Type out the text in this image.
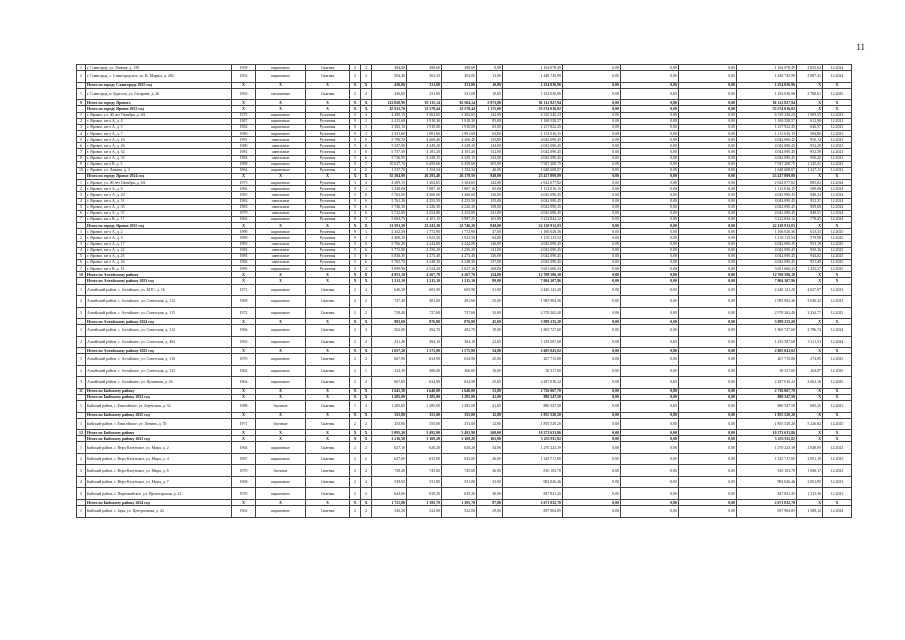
11
1	г. Славгород, ул. Ленина, д. 139	1958	кирпичные	Скатная	2	2	384,40	288,60	288,60	9,00	1 104 078,49	0,00	0,00	0,00	1 104 078,49	3 825,64	12.2024
2	г. Славгород, с. Славгородское, ул. К. Маркса, д. 282	1952	кирпичные	Скатная	2	2	504,40	363,33	363,00	13,00	1 448 745,99	0,00	0,00	0,00	1 448 745,99	3 987,41	12.2024
	Итого по городу Славгороду 2025 год	X	X	X	X	X	436,00	331,00	331,00	10,00	1 254 030,96	0,00	0,00	0,00	1 254 030,96	X	X
1	г. Славгород, п. Бурсоль, ул. Гагарина, д. 26	1963	смешанные	Скатная	2	2	436,00	331,00	331,00	10,00	1 254 030,96	0,00	0,00	0,00	1 254 030,96	3 788,61	12.2025
9	Итого по городу Ярового	X	X	X	X	X	112 828,90	83 115,14	82 504,14	2 973,00	81 112 827,94	0,00	0,00	0,00	81 112 827,94	X	X
	Итого по городу Яровое 2023 год	X	X	X	X	X	45 932,70	33 578,44	33 578,44	1 175,00	35 574 016,02	0,00	0,00	0,00	35 574 016,02	X	X
1	г. Яровое, ул. 40 лет Октября, д. 6А	1975	кирпичные	Рулонная	3	4	4 289,15	3 304,65	3 304,65	142,00	6 310 340,23	0,00	0,00	0,00	6 310 340,23	1 909,55	12.2023
2	г. Яровое, кв-л А, д. 4	1987	кирпичные	Рулонная	9	1	2 415,60	1 918,30	1 918,30	85,00	1 169 558,57	0,00	0,00	0,00	1 169 558,57	612,96	12.2023
3	г. Яровое, кв-л А, д. 5	1982	кирпичные	Рулонная	9	1	2 382,10	1 910,00	1 910,00	63,00	1 217 922,45	0,00	0,00	0,00	1 217 922,45	636,57	12.2023
4	г. Яровое, кв-л А, д. 7	1980	кирпичные	Рулонная	9	1	2 331,60	1 901,60	1 901,60	63,00	1 112 016,15	0,00	0,00	0,00	1 112 016,15	584,96	12.2023
5	г. Яровое, кв-л А, д. 16	1981	панельные	Рулонная	5	6	5 796,70	4 260,40	4 260,40	135,00	4 042 090,45	0,00	0,00	0,00	4 042 090,45	950,14	12.2023
6	г. Яровое, кв-л А, д. 26	1980	панельные	Рулонная	5	6	5 347,90	4 249,20	4 249,20	144,00	4 042 090,45	0,00	0,00	0,00	4 042 090,45	952,20	12.2023
7	г. Яровое, кв-л А, д. 32	1981	панельные	Рулонная	5	6	5 757,30	4 181,20	4 181,20	152,00	4 042 090,45	0,00	0,00	0,00	4 042 090,45	952,58	12.2023
8	г. Яровое, кв-л А, д. 33	1984	панельные	Рулонная	5	6	5 736,95	4 239,15	4 239,15	143,00	4 042 090,45	0,00	0,00	0,00	4 042 090,45	956,20	12.2023
9	г. Яровое, кв-л В, д. 5	1988	кирпичные	Рулонная	9	7	10 047,70	6 459,60	6 459,60	205,00	7 947 208,75	0,00	0,00	0,00	7 947 208,75	1 145,41	12.2023
10	г. Яровое, ул. Ленина, д. 3	1964	кирпичные	Рулонная	4	2	1 337,70	1 154,34	1 154,34	46,00	1 648 608,07	0,00	0,00	0,00	1 648 608,07	1 327,11	12.2023
	Итого по городу Яровое 2024 год	X	X	X	X	X	35 304,90	26 293,40	26 179,50	949,00	23 417 899,89	0,00	0,00	0,00	23 417 899,89	X	X
1	г. Яровое, ул. 40 лет Октября, д. 6А	1975	кирпичные	Рулонная	3	4	4 289,15	3 304,65	3 304,65	142,00	2 924 677,82	0,00	0,00	0,00	2 924 677,82	885,02	12.2024
2	г. Яровое, кв-л А, д. 6	1982	кирпичные	Рулонная	9	1	2 338,00	1 887,10	1 887,10	65,00	1 112 016,15	0,00	0,00	0,00	1 112 016,15	588,06	12.2024
3	г. Яровое, кв-л А, д. 20	1983	панельные	Рулонная	5	6	5 763,00	4 266,00	4 266,00	126,00	4 042 090,45	0,00	0,00	0,00	4 042 090,45	948,34	12.2024
4	г. Яровое, кв-л А, д. 31	1982	панельные	Рулонная	5	6	5 761,30	4 253,50	4 253,50	155,00	4 042 090,45	0,00	0,00	0,00	4 042 090,45	952,31	12.2024
5	г. Яровое, кв-л А, д. 35	1983	панельные	Рулонная	5	6	5 746,30	4 226,30	4 226,30	158,00	4 042 090,45	0,00	0,00	0,00	4 042 090,45	959,68	12.2024
6	г. Яровое, кв-л А, д. 37	1979	панельные	Рулонная	5	6	5 722,60	4 254,80	4 254,80	141,00	4 042 090,45	0,00	0,00	0,00	4 042 090,45	948,51	12.2024
7	г. Яровое, кв-л В, д. 17	1962	кирпичные	Рулонная	8	3	5 684,75	4 101,15	3 987,25	161,00	3 212 844,12	0,00	0,00	0,00	3 212 844,12	778,25	12.2024
	Итого по городу Яровое 2025 год	X	X	X	X	X	31 591,30	23 243,30	22 746,20	849,00	22 120 912,03	0,00	0,00	0,00	22 120 912,03	X	X
1	г. Яровое, кв-л А, д. 2	1990	кирпичные	Рулонная	9	1	2 342,30	1 772,90	1 772,90	47,00	1 166 028,36	0,00	0,00	0,00	1 166 028,36	615,33	12.2025
2	г. Яровое, кв-л А, д. 3	1989	кирпичные	Рулонная	9	1	2 408,10	1 923,50	1 923,50	84,00	1 135 115,54	0,00	0,00	0,00	1 135 115,54	579,98	12.2025
3	г. Яровое, кв-л А, д. 17	1983	панельные	Рулонная	5	6	5 766,20	4 244,80	4 244,80	146,00	4 042 090,45	0,00	0,00	0,00	4 042 090,45	953,19	12.2025
4	г. Яровое, кв-л А, д. 22	1984	панельные	Рулонная	5	6	5 772,80	4 256,20	4 256,20	131,00	4 042 090,45	0,00	0,00	0,00	4 042 090,45	950,36	12.2025
5	г. Яровое, кв-л А, д. 25	1985	панельные	Рулонная	5	6	5 836,30	4 273,40	4 273,40	136,00	4 042 090,45	0,00	0,00	0,00	4 042 090,45	944,02	12.2025
6	г. Яровое, кв-л А, д. 34	1984	панельные	Рулонная	5	6	5 765,70	4 248,30	4 248,30	137,00	4 042 090,45	0,00	0,00	0,00	4 042 090,45	951,49	12.2025
7	г. Яровое, кв-л В, д. 15	1985	кирпичные	Рулонная	5	3	3 699,90	2 524,20	2 027,10	168,00	3 651 606,33	0,00	0,00	0,00	3 651 606,33	1 425,27	12.2025
10	Итого по Алтайскому району	X	X	X	X	X	4 953,10	4 267,70	4 267,70	134,00	12 708 586,18	0,00	0,00	0,00	12 708 586,18	X	X
	Итого по Алтайскому району 2023 год	X	X	X	X	X	1 313,10	1 215,10	1 215,10	89,00	7 004 307,96	0,00	0,00	0,00	7 004 307,96	X	X
1	Алтайский район, с. Алтайское, ул. МТС, д. 16	1971	кирпичные	Скатная	2	2	646,30	605,90	605,90	31,00	2 440 141,20	0,00	0,00	0,00	2 440 141,20	4 027,97	12.2023
2	Алтайский район, с. Алтайское, ул. Советская, д. 112	1969	кирпичные	Скатная	2	2	727,40	481,60	481,60	25,00	1 985 904,36	0,00	0,00	0,00	1 985 904,36	3 640,32	12.2023
3	Алтайский район, с. Алтайское, ул. Советская, д. 115	1972	кирпичные	Скатная	2	2	729,40	727,60	727,60	33,00	2 578 262,40	0,00	0,00	0,00	2 578 262,40	3 334,77	12.2023
	Итого по Алтайскому району 2024 год	X	X	X	X	X	983,00	876,80	876,80	45,00	3 099 235,20	0,00	0,00	0,00	3 099 235,20	X	X
1	Алтайский район, с. Алтайское, ул. Советская, д. 114	1966	кирпичные	Скатная	2	3	562,00	492,70	492,70	19,00	1 865 727,60	0,00	0,00	0,00	1 865 727,60	3 786,74	12.2024
2	Алтайский район, с. Алтайское, ул. Советская, д. 404	1963	кирпичные	Скатная	2	2	421,40	384,10	384,10	22,00	1 233 507,60	0,00	0,00	0,00	1 233 507,60	3 211,33	12.2024
	Итого по Алтайскому району 2025 год	X	X	X	X	X	1 657,20	1 575,80	1 575,80	54,00	2 605 043,02	0,00	0,00	0,00	2 605 043,02	X	X
1	Алтайский район, с. Алтайское, ул. Советская, д. 116	1970	кирпичные	Скатная	2	2	667,90	634,90	634,90	25,00	267 715,80	0,00	0,00	0,00	267 715,80	374,85	12.2025
2	Алтайский район, с. Алтайское, ул. Советская, д. 133	1962	кирпичные	Скатная	2	1	322,30	306,00	306,00	10,00	50 317,00	0,00	0,00	0,00	50 317,00	164,87	12.2025
3	Алтайский район, с. Алтайское, ул. Целинная, д. 26	1964	кирпичные	Скатная	2	2	667,00	634,90	634,90	25,00	2 287 010,22	0,00	0,00	0,00	2 287 010,22	3 602,16	12.2025
11	Итого по Бийскому району	X	X	X	X	X	1 641,50	1 640,00	1 640,00	53,00	2 736 067,70	0,00	0,00	0,00	2 736 067,70	X	X
	Итого по Бийскому району 2023 год	X	X	X	X	X	1 285,00	1 285,00	1 285,00	41,00	880 547,50	0,00	0,00	0,00	880 547,50	X	X
1	Бийский район, с. Енисейское, ул. Береговая, д. 32	1988	блочные	Скатная	1	3	1 285,00	1 285,00	1 285,00	41,00	880 547,50	0,00	0,00	0,00	880 547,50	685,25	12.2023
	Итого по Бийскому району 2025 год	X	X	X	X	X	355,00	355,00	355,00	12,00	1 855 520,20	0,00	0,00	0,00	1 855 520,20	X	X
1	Бийский район, с. Енисейское, ул. Ленина, д. 55	1971	блочные	Скатная	2	2	355,00	355,00	355,00	12,00	1 855 520,20	0,00	0,00	0,00	1 855 520,20	5 226,82	12.2025
12	Итого по Бийскому району	X	X	X	X	X	5 095,30	5 492,90	5 492,90	260,00	10 273 633,86	0,00	0,00	0,00	10 273 633,86	X	X
	Итого по Бийскому району 2023 год	X	X	X	X	X	3 216,50	3 169,20	3 169,20	165,00	5 233 911,82	0,00	0,00	0,00	5 233 911,82	X	X
1	Бийский район, с. Верх-Катунское, ул. Мира, д. 2	1964	кирпичные	Скатная	2	2	627,10	620,20	620,20	34,00	1 270 223,19	0,00	0,00	0,00	1 270 223,19	2 048,09	12.2023
2	Бийский район, с. Верх-Катунское, ул. Мира, д. 4	1967	кирпичные	Скатная	2	2	647,00	633,00	633,00	26,00	1 325 717,00	0,00	0,00	0,00	1 325 717,00	2 091,18	12.2023
3	Бийский район, с. Верх-Катунское, ул. Мира, д. 6	1970	блочные	Скатная	2	2	738,40	745,00	745,00	36,00	810 103,70	0,00	0,00	0,00	810 103,70	1 068,17	12.2023
4	Бийский район, с. Верх-Катунское, ул. Мира, д. 7	1968	кирпичные	Скатная	2	2	539,60	531,80	531,80	33,00	982 026,46	0,00	0,00	0,00	982 026,46	2 001,85	12.2023
5	Бийский район, с. Первомайское, ул. Пролетарская, д. 21	1970	кирпичные	Скатная	2	2	644,60	639,20	639,20	30,00	847 841,45	0,00	0,00	0,00	847 841,45	1 315,30	12.2023
	Итого по Бийскому району 2024 год	X	X	X	X	X	1 721,00	1 395,70	1 395,70	87,00	2 671 832,70	0,00	0,00	0,00	2 671 832,70	X	X
1	Бийский район, с. Заря, ул. Центральная, д. 24	1962	кирпичные	Скатная	2	2	540,20	522,00	522,00	29,00	857 904,85	0,00	0,00	0,00	857 904,85	1 588,12	12.2024
